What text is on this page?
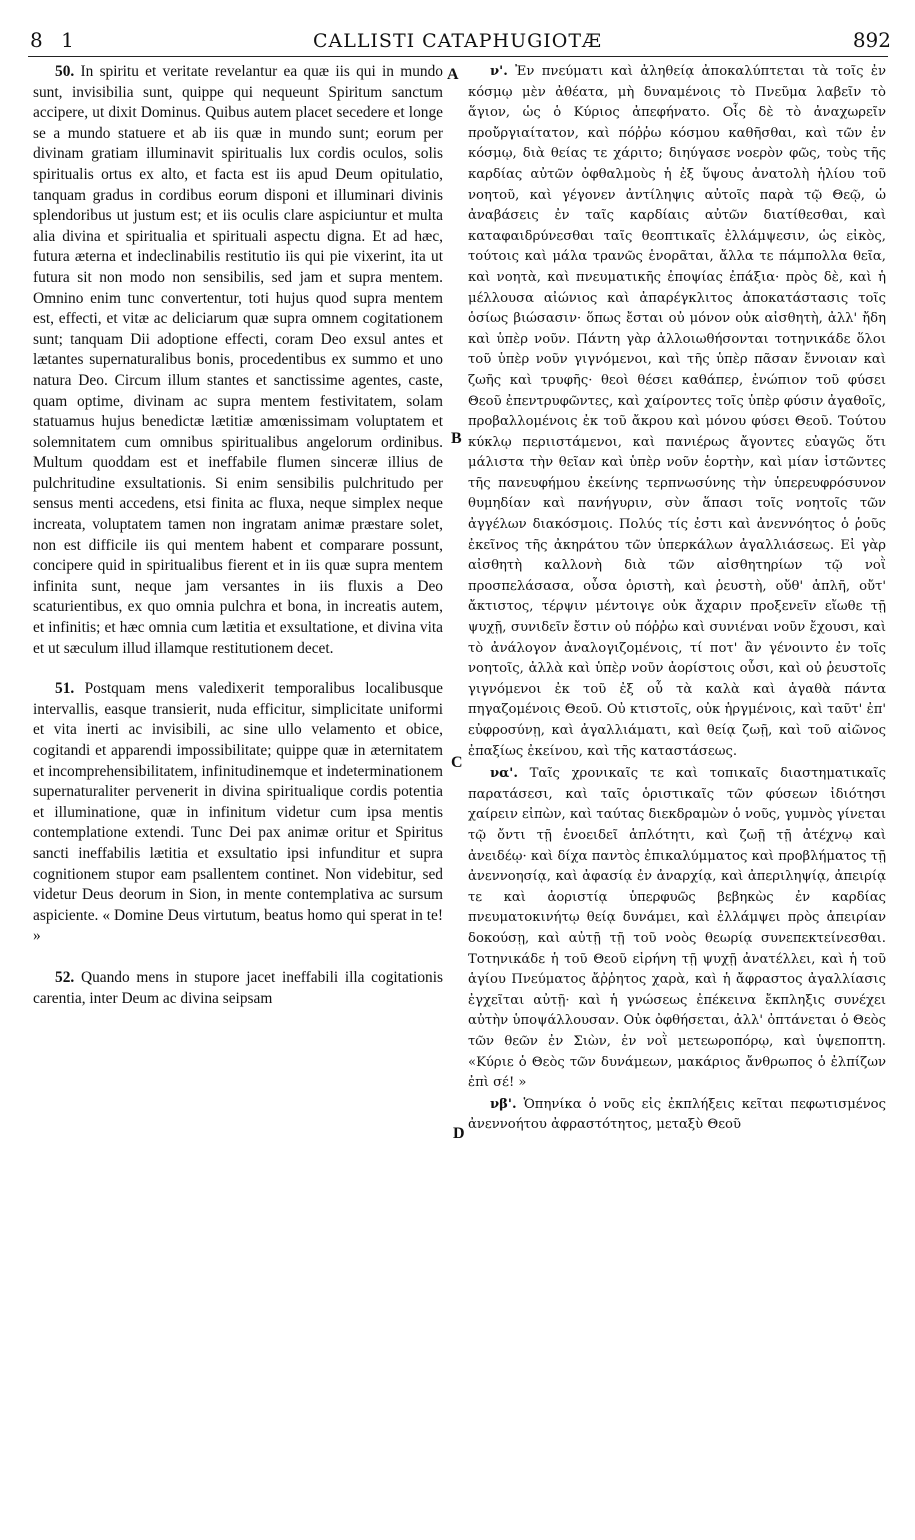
8 1	CALLISTI CATAPHUGIOTÆ	892

50. In spiritu et veritate revelantur ea quæ iis qui in mundo sunt, invisibilia sunt, quippe qui nequeunt Spiritum sanctum accipere, ut dixit Dominus. Quibus autem placet secedere et longe se a mundo statuere et ab iis quæ in mundo sunt; eorum per divinam gratiam illuminavit spiritualis lux cordis oculos, solis spiritualis ortus ex alto, et facta est iis apud Deum opitulatio, tanquam gradus in cordibus eorum disponi et illuminari divinis splendoribus ut justum est; et iis oculis clare aspiciuntur et multa alia divina et spiritualia et spirituali aspectu digna. Et ad hæc, futura æterna et indeclinabilis restitutio iis qui pie vixerint, ita ut futura sit non modo non sensibilis, sed jam et supra mentem. Omnino enim tunc convertentur, toti hujus quod supra mentem est, effecti, et vitæ ac deliciarum quæ supra omnem cogitationem sunt; tanquam Dii adoptione effecti, coram Deo exsul antes et lætantes supernaturalibus bonis, procedentibus ex summo et uno natura Deo. Circum illum stantes et sanctissime agentes, caste, quam optime, divinam ac supra mentem festivitatem, solam statuamus hujus benedictæ lætitiæ amœnissimam voluptatem et solemnitatem cum omnibus spiritualibus angelorum ordinibus. Multum quoddam est et ineffabile flumen sinceræ illius de pulchritudine exsultationis. Si enim sensibilis pulchritudo per sensus menti accedens, etsi finita ac fluxa, neque simplex neque increata, voluptatem tamen non ingratam animæ præstare solet, non est difficile iis qui mentem habent et comparare possunt, concipere quid in spiritualibus fierent et in iis quæ supra mentem infinita sunt, neque jam versantes in iis fluxis a Deo scaturientibus, ex quo omnia pulchra et bona, in increatis autem, et infinitis; et hæc omnia cum lætitia et exsultatione, et divina vita et ut sæculum illud illamque restitutionem decet.

51. Postquam mens valedixerit temporalibus localibusque intervallis, easque transierit, nuda efficitur, simplicitate uniformi et vita inerti ac invisibili, ac sine ullo velamento et obice, cogitandi et apparendi impossibilitate; quippe quæ in æternitatem et incomprehensibilitatem, infinitudinemque et indeterminationem supernaturaliter pervenerit in divina spiritualique cordis potentia et illuminatione, quæ in infinitum videtur cum ipsa mentis contemplatione extendi. Tunc Dei pax animæ oritur et Spiritus sancti ineffabilis lætitia et exsultatio ipsi infunditur et supra cognitionem stupor eam psallentem continet. Non videbitur, sed videtur Deus deorum in Sion, in mente contemplativa ac sursum aspiciente. « Domine Deus virtutum, beatus homo qui sperat in te! »

52. Quando mens in stupore jacet ineffabili illa cogitationis carentia, inter Deum ac divina seipsam

A
B
C
D

ν'. Ἐν πνεύματι καὶ ἀληθείᾳ ἀποκαλύπτεται τὰ τοῖς ἐν κόσμῳ μὲν ἀθέατα, μὴ δυναμένοις τὸ Πνεῦμα λαβεῖν τὸ ἅγιον, ὡς ὁ Κύριος ἀπεφήνατο. Οἷς δὲ τὸ ἀναχωρεῖν προὔργιαίτατον, καὶ πόῤῥω κόσμου καθῆσθαι, καὶ τῶν ἐν κόσμῳ, διὰ θείας τε χάριτο; διηύγασε νοερὸν φῶς, τοὺς τῆς καρδίας αὐτῶν ὀφθαλμοὺς ἡ ἐξ ὕψους ἀνατολὴ ἡλίου τοῦ νοητοῦ, καὶ γέγονεν ἀντίληψις αὐτοῖς παρὰ τῷ Θεῷ, ὡ ἀναβάσεις ἐν ταῖς καρδίαις αὐτῶν διατίθεσθαι, καὶ καταφαιδρύνεσθαι ταῖς θεοπτικαῖς ἐλλάμψεσιν, ὡς εἰκὸς, τούτοις καὶ μάλα τρανῶς ἑνορᾶται, ἄλλα τε πάμπολλα θεῖα, καὶ νοητὰ, καὶ πνευματικῆς ἐποψίας ἐπάξια· πρὸς δὲ, καὶ ἡ μέλλουσα αἰώνιος καὶ ἀπαρέγκλιτος ἀποκατάστασις τοῖς ὁσίως βιώσασιν· ὅπως ἔσται οὐ μόνον οὐκ αἰσθητὴ, ἀλλ' ἤδη καὶ ὑπὲρ νοῦν. Πάντη γὰρ ἀλλοιωθήσονται τοτηνικάδε ὅλοι τοῦ ὑπὲρ νοῦν γιγνόμενοι, καὶ τῆς ὑπὲρ πᾶσαν ἔννοιαν καὶ ζωῆς καὶ τρυφῆς· θεοὶ θέσει καθάπερ, ἐνώπιον τοῦ φύσει Θεοῦ ἐπεντρυφῶντες, καὶ χαίροντες τοῖς ὑπὲρ φύσιν ἀγαθοῖς, προβαλλομένοις ἐκ τοῦ ἄκρου καὶ μόνου φύσει Θεοῦ. Τούτου κύκλῳ περιιστάμενοι, καὶ πανιέρως ἄγοντες εὐαγῶς ὅτι μάλιστα τὴν θεῖαν καὶ ὑπὲρ νοῦν ἑορτὴν, καὶ μίαν ἱστῶντες τῆς πανευφήμου ἐκείνης τερπνωσύνης τὴν ὑπερευφρόσυνον θυμηδίαν καὶ πανήγυριν, σὺν ἅπασι τοῖς νοητοῖς τῶν ἀγγέλων διακόσμοις. Πολύς τίς ἐστι καὶ ἀνεννόητος ὁ ῥοῦς ἐκεῖνος τῆς ἀκηράτου τῶν ὑπερκάλων ἀγαλλιάσεως. Εἰ γὰρ αἰσθητὴ καλλονὴ διὰ τῶν αἰσθητηρίων τῷ νοῒ προσπελάσασα, οὖσα ὁριστὴ, καὶ ῥευστὴ, οὔθ' ἁπλῆ, οὔτ' ἄκτιστος, τέρψιν μέντοιγε οὐκ ἄχαριν προξενεῖν εἴωθε τῇ ψυχῇ, συνιδεῖν ἔστιν οὐ πόῤῥω καὶ συνιέναι νοῦν ἔχουσι, καὶ τὸ ἀνάλογον ἀναλογιζομένοις, τί ποτ' ἂν γένοιντο ἐν τοῖς νοητοῖς, ἀλλὰ καὶ ὑπὲρ νοῦν ἀορίστοις οὖσι, καὶ οὐ ῥευστοῖς γιγνόμενοι ἐκ τοῦ ἐξ οὗ τὰ καλὰ καὶ ἀγαθὰ πάντα πηγαζομένοις Θεοῦ. Οὐ κτιστοῖς, οὐκ ἡργμένοις, καὶ ταῦτ' ἐπ' εὐφροσύνῃ, καὶ ἀγαλλιάματι, καὶ θείᾳ ζωῇ, καὶ τοῦ αἰῶνος ἐπαξίως ἐκείνου, καὶ τῆς καταστάσεως.

να'. Ταῖς χρονικαῖς τε καὶ τοπικαῖς διαστηματικαῖς παρατάσεσι, καὶ ταῖς ὁριστικαῖς τῶν φύσεων ἰδιότησι χαίρειν εἰπὼν, καὶ ταύτας διεκδραμὼν ὁ νοῦς, γυμνὸς γίνεται τῷ ὄντι τῇ ἑνοειδεῖ ἁπλότητι, καὶ ζωῇ τῇ ἀτέχνῳ καὶ ἀνειδέῳ· καὶ δίχα παντὸς ἐπικαλύμματος καὶ προβλήματος τῇ ἀνεννοησίᾳ, καὶ ἀφασίᾳ ἐν ἀναρχίᾳ, καὶ ἀπεριληψίᾳ, ἀπειρίᾳ τε καὶ ἀοριστίᾳ ὑπερφυῶς βεβηκὼς ἐν καρδίας πνευματοκινήτῳ θείᾳ δυνάμει, καὶ ἐλλάμψει πρὸς ἀπειρίαν δοκούσῃ, καὶ αὐτῇ τῇ τοῦ νοὸς θεωρίᾳ συνεπεκτείνεσθαι. Τοτηνικάδε ἡ τοῦ Θεοῦ εἰρήνη τῇ ψυχῇ ἀνατέλλει, καὶ ἡ τοῦ ἁγίου Πνεύματος ἄῤῥητος χαρὰ, καὶ ἡ ἄφραστος ἀγαλλίασις ἐγχεῖται αὐτῇ· καὶ ἡ γνώσεως ἐπέκεινα ἔκπληξις συνέχει αὐτὴν ὑποψάλλουσαν. Οὐκ ὀφθήσεται, ἀλλ' ὀπτάνεται ὁ Θεὸς τῶν θεῶν ἐν Σιὼν, ἐν νοῒ μετεωροπόρῳ, καὶ ὑψεποπτη. «Κύριε ὁ Θεὸς τῶν δυνάμεων, μακάριος ἄνθρωπος ὁ ἐλπίζων ἐπὶ σέ! »

νβ'. Ὁπηνίκα ὁ νοῦς εἰς ἐκπλήξεις κεῖται πεφωτισμένος ἀνεννοήτου ἀφραστότητος, μεταξὺ Θεοῦ
